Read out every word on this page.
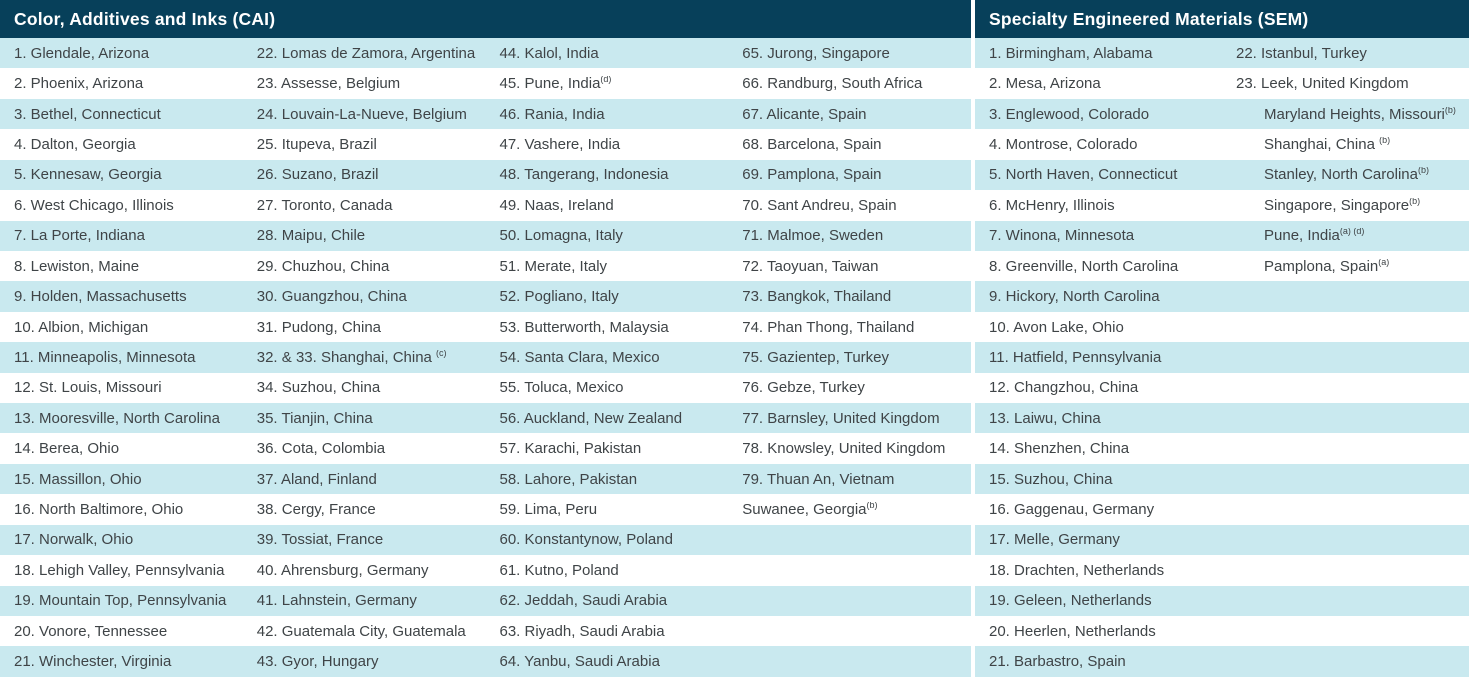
Color, Additives and Inks (CAI)
1. Glendale, Arizona	22. Lomas de Zamora, Argentina	44. Kalol, India	65. Jurong, Singapore
2. Phoenix, Arizona	23. Assesse, Belgium	45. Pune, India$^{(d)}$	66. Randburg, South Africa
3. Bethel, Connecticut	24. Louvain-La-Nueve, Belgium	46. Rania, India	67. Alicante, Spain
4. Dalton, Georgia	25. Itupeva, Brazil	47. Vashere, India	68. Barcelona, Spain
5. Kennesaw, Georgia	26. Suzano, Brazil	48. Tangerang, Indonesia	69. Pamplona, Spain
6. West Chicago, Illinois	27. Toronto, Canada	49. Naas, Ireland	70. Sant Andreu, Spain
7. La Porte, Indiana	28. Maipu, Chile	50. Lomagna, Italy	71. Malmoe, Sweden
8. Lewiston, Maine	29. Chuzhou, China	51. Merate, Italy	72. Taoyuan, Taiwan
9. Holden, Massachusetts	30. Guangzhou, China	52. Pogliano, Italy	73. Bangkok, Thailand
10. Albion, Michigan	31. Pudong, China	53. Butterworth, Malaysia	74. Phan Thong, Thailand
11. Minneapolis, Minnesota	32. & 33. Shanghai, China $^{(c)}$	54. Santa Clara, Mexico	75. Gazientep, Turkey
12. St. Louis, Missouri	34. Suzhou, China	55. Toluca, Mexico	76. Gebze, Turkey
13. Mooresville, North Carolina	35. Tianjin, China	56. Auckland, New Zealand	77. Barnsley, United Kingdom
14. Berea, Ohio	36. Cota, Colombia	57. Karachi, Pakistan	78. Knowsley, United Kingdom
15. Massillon, Ohio	37. Aland, Finland	58. Lahore, Pakistan	79. Thuan An, Vietnam
16. North Baltimore, Ohio	38. Cergy, France	59. Lima, Peru	Suwanee, Georgia$^{(b)}$
17. Norwalk, Ohio	39. Tossiat, France	60. Konstantynow, Poland
18. Lehigh Valley, Pennsylvania	40. Ahrensburg, Germany	61. Kutno, Poland
19. Mountain Top, Pennsylvania	41. Lahnstein, Germany	62. Jeddah, Saudi Arabia
20. Vonore, Tennessee	42. Guatemala City, Guatemala	63. Riyadh, Saudi Arabia
21. Winchester, Virginia	43. Gyor, Hungary	64. Yanbu, Saudi Arabia
Specialty Engineered Materials (SEM)
1. Birmingham, Alabama	22. Istanbul, Turkey
2. Mesa, Arizona	23. Leek, United Kingdom
3. Englewood, Colorado	Maryland Heights, Missouri$^{(b)}$
4. Montrose, Colorado	Shanghai, China $^{(b)}$
5. North Haven, Connecticut	Stanley, North Carolina$^{(b)}$
6. McHenry, Illinois	Singapore, Singapore$^{(b)}$
7. Winona, Minnesota	Pune, India$^{(a) (d)}$
8. Greenville, North Carolina	Pamplona, Spain$^{(a)}$
9. Hickory, North Carolina
10. Avon Lake, Ohio
11. Hatfield, Pennsylvania
12. Changzhou, China
13. Laiwu, China
14. Shenzhen, China
15. Suzhou, China
16. Gaggenau, Germany
17. Melle, Germany
18. Drachten, Netherlands
19. Geleen, Netherlands
20. Heerlen, Netherlands
21. Barbastro, Spain
